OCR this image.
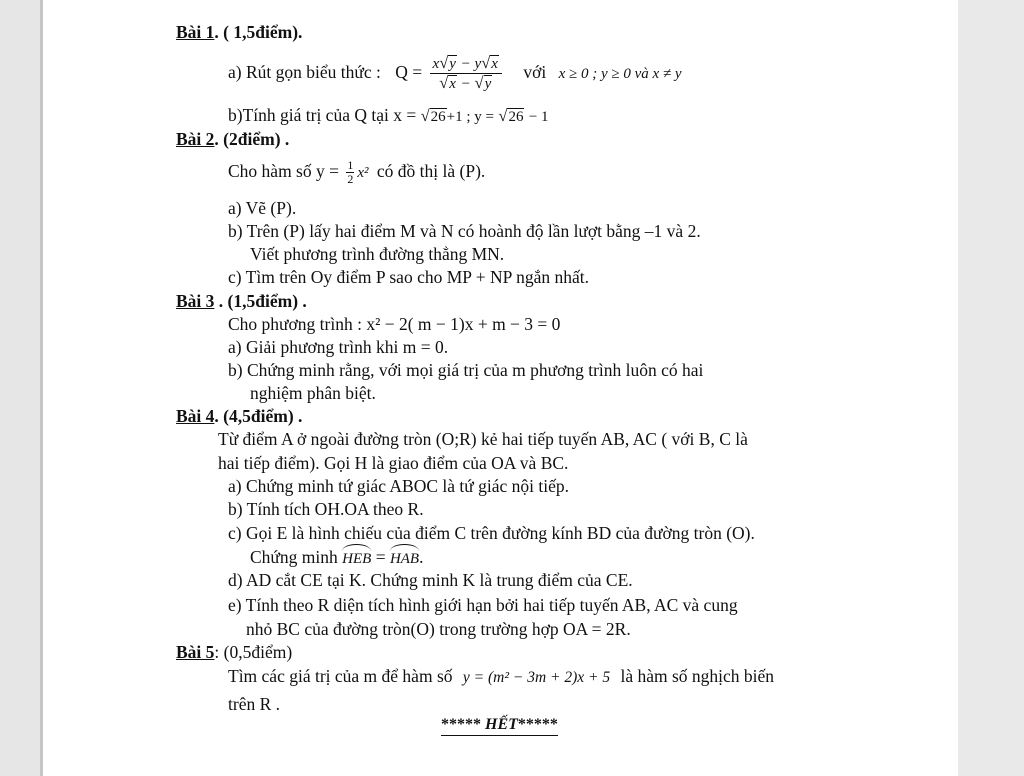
Bài 1. ( 1,5điểm).
a) Rút gọn biểu thức : $Q = \frac{x√y - y√x}{√x - √y}$ với x ≥ 0 ; y ≥ 0 và x ≠ y
b)Tính giá trị của Q tại x = √26+1 ; y = √26 − 1
Bài 2. (2điểm) .
Cho hàm số $y = \frac{1}{2} x^2$ có đồ thị là (P).
a) Vẽ (P).
b) Trên (P) lấy hai điểm M và N có hoành độ lần lượt bằng –1 và 2.
Viết phương trình đường thẳng MN.
c) Tìm trên Oy điểm P sao cho MP + NP ngắn nhất.
Bài 3 . (1,5điểm) .
Cho phương trình : x² − 2( m − 1)x + m − 3 = 0
a) Giải phương trình khi m = 0.
b) Chứng minh rằng, với mọi giá trị của m phương trình luôn có hai
nghiệm phân biệt.
Bài 4. (4,5điểm) .
Từ điểm A ở ngoài đường tròn (O;R) kẻ hai tiếp tuyến AB, AC ( với B, C là
hai tiếp điểm). Gọi H là giao điểm của OA và BC.
a) Chứng minh tứ giác ABOC là tứ giác nội tiếp.
b) Tính tích OH.OA theo R.
c) Gọi E là hình chiếu của điểm C trên đường kính BD của đường tròn (O).
Chứng minh HEB = HAB.
d) AD cắt CE tại K. Chứng minh K là trung điểm của CE.
e) Tính theo R diện tích hình giới hạn bởi hai tiếp tuyến AB, AC và cung
nhỏ BC của đường tròn(O) trong trường hợp OA = 2R.
Bài 5: (0,5điểm)
Tìm các giá trị của m để hàm số y = (m² − 3m + 2)x + 5 là hàm số nghịch biến
trên R .
***** HẾT*****
